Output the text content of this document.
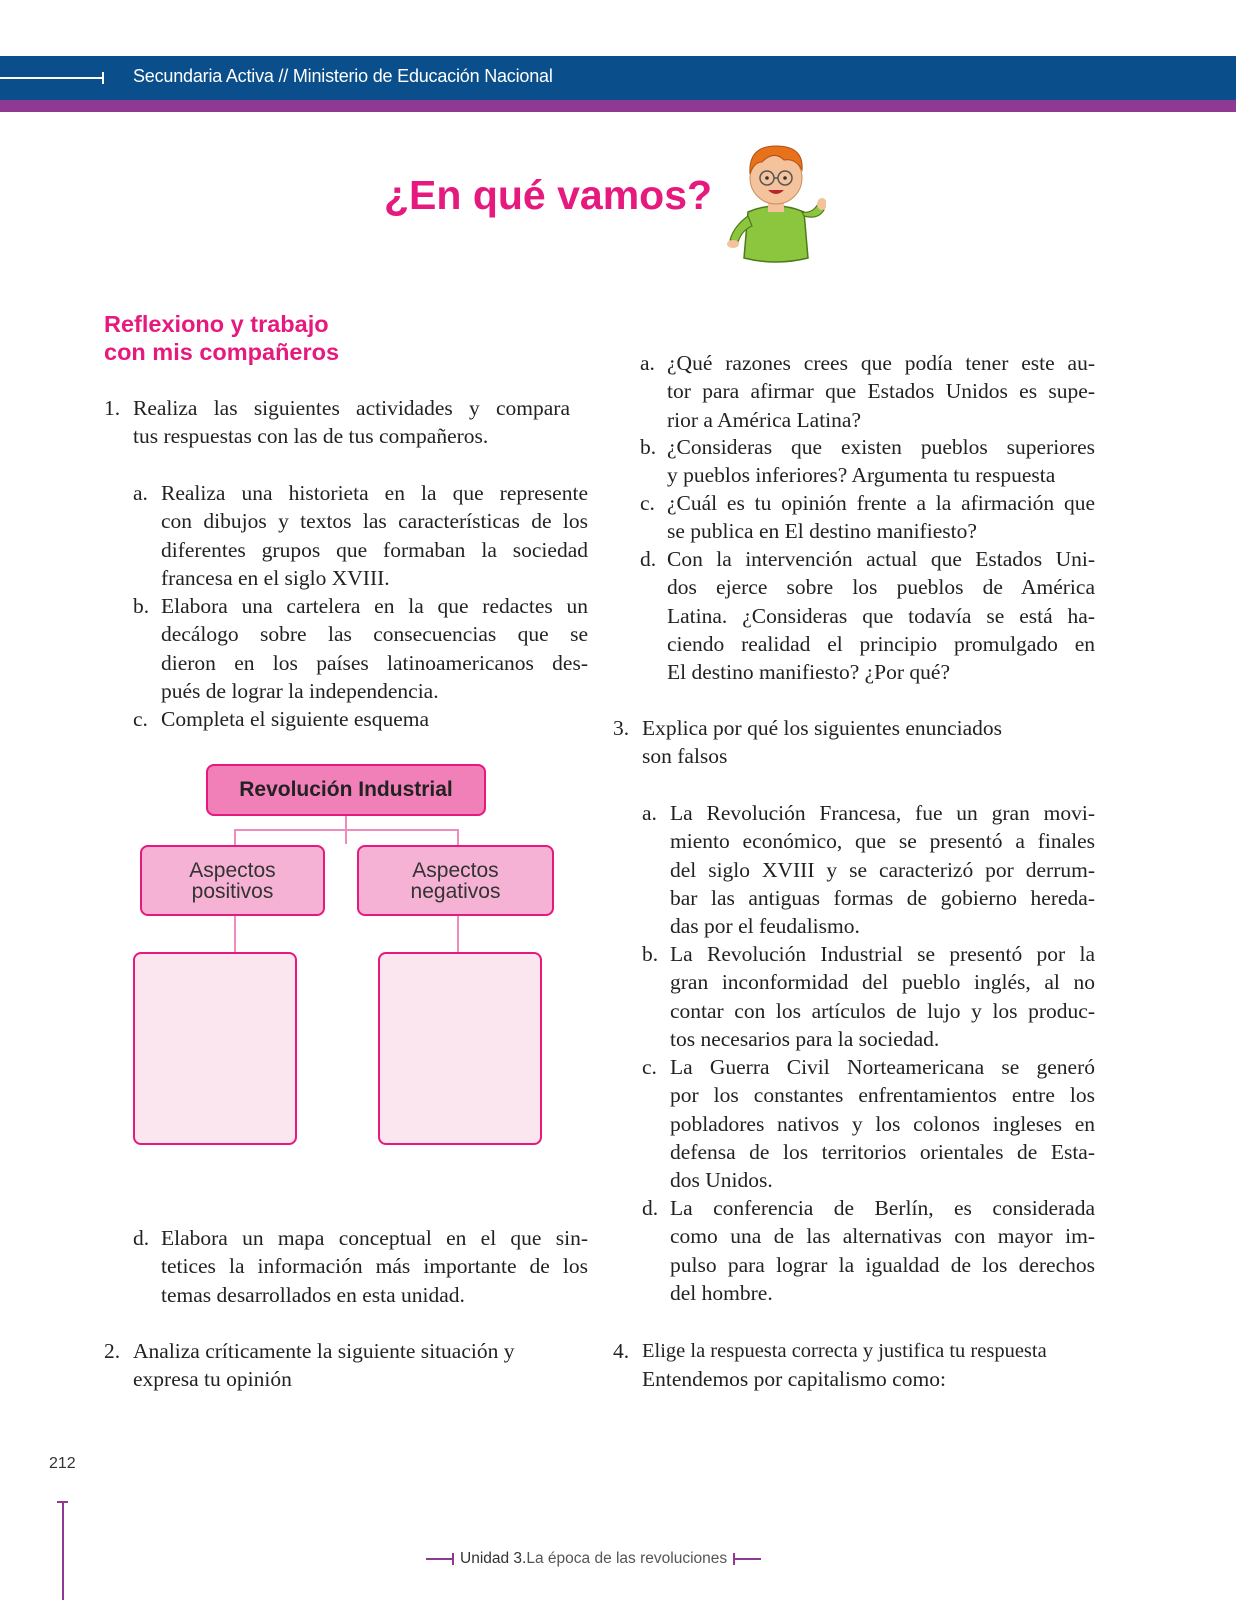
Secundaria Activa // Ministerio de Educación Nacional
¿En qué vamos?
Reflexiono y trabajo
con mis compañeros
1. Realiza las siguientes actividades y compara
tus respuestas con las de tus compañeros.
a. Realiza una historieta en la que represente
con dibujos y textos las características de los
diferentes grupos que formaban la sociedad
francesa en el siglo XVIII.
b. Elabora una cartelera en la que redactes un
decálogo sobre las consecuencias que se
dieron en los países latinoamericanos des-
pués de lograr la independencia.
c. Completa el siguiente esquema
Revolución Industrial
Aspectos
positivos
Aspectos
negativos
d. Elabora un mapa conceptual en el que sin-
tetices la información más importante de los
temas desarrollados en esta unidad.
2. Analiza críticamente la siguiente situación y
expresa tu opinión
a. ¿Qué razones crees que podía tener este au-
tor para afirmar que Estados Unidos es supe-
rior a América Latina?
b. ¿Consideras que existen pueblos superiores
y pueblos inferiores? Argumenta tu respuesta
c. ¿Cuál es tu opinión frente a la afirmación que
se publica en El destino manifiesto?
d. Con la intervención actual que Estados Uni-
dos ejerce sobre los pueblos de América
Latina. ¿Consideras que todavía se está ha-
ciendo realidad el principio promulgado en
El destino manifiesto? ¿Por qué?
3. Explica por qué los siguientes enunciados
son falsos
a. La Revolución Francesa, fue un gran movi-
miento económico, que se presentó a finales
del siglo XVIII y se caracterizó por derrum-
bar las antiguas formas de gobierno hereda-
das por el feudalismo.
b. La Revolución Industrial se presentó por la
gran inconformidad del pueblo inglés, al no
contar con los artículos de lujo y los produc-
tos necesarios para la sociedad.
c. La Guerra Civil Norteamericana se generó
por los constantes enfrentamientos entre los
pobladores nativos y los colonos ingleses en
defensa de los territorios orientales de Esta-
dos Unidos.
d. La conferencia de Berlín, es considerada
como una de las alternativas con mayor im-
pulso para lograr la igualdad de los derechos
del hombre.
4. Elige la respuesta correcta y justifica tu respuesta
Entendemos por capitalismo como:
212
Unidad 3. La época de las revoluciones
